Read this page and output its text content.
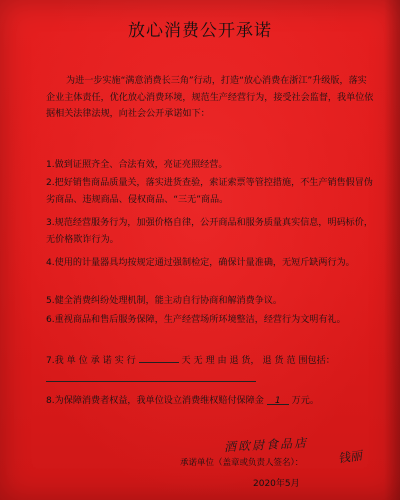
放心消费公开承诺
为进一步实施“满意消费长三角”行动，打造“放心消费在浙江”升级版，落实企业主体责任，优化放心消费环境，规范生产经营行为，接受社会监督，我单位依据相关法律法规，向社会公开承诺如下：
1.做到证照齐全、合法有效，亮证亮照经营。
2.把好销售商品质量关，落实进货查验，索证索票等管控措施，不生产销售假冒伪劣商品、违规商品、侵权商品、“三无”商品。
3.规范经营服务行为，加强价格自律，公开商品和服务质量真实信息，明码标价，无价格欺诈行为。
4.使用的计量器具均按规定通过强制检定，确保计量准确，无短斤缺两行为。
5.健全消费纠纷处理机制，能主动自行协商和解消费争议。
6.重视商品和售后服务保障，生产经营场所环境整洁，经营行为文明有礼。
7.我 单 位 承 诺 实 行	天 无 理 由 退 货， 退 货 范 围包括：
8.为保障消费者权益，我单位设立消费维权赔付保障金 1 万元。
酒欧尉食品店
承诺单位（盖章或负责人签名）：	钱丽
2020年5月
